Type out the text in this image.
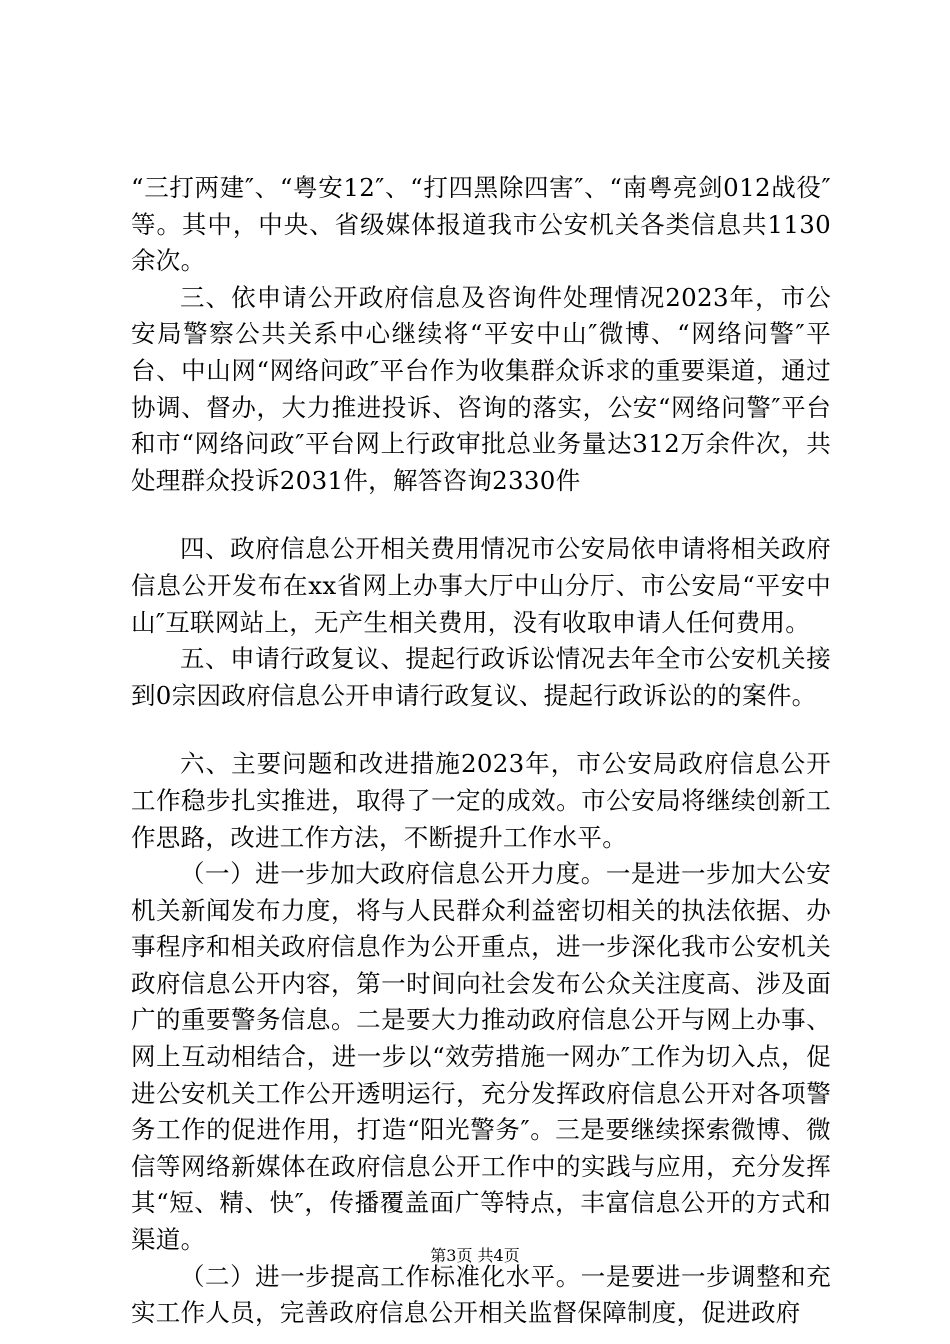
“三打两建″、“粤安12″、“打四黑除四害″、“南粤亮剑012战役″等。其中，中央、省级媒体报道我市公安机关各类信息共1130余次。

三、依申请公开政府信息及咨询件处理情况2023年，市公安局警察公共关系中心继续将“平安中山″微博、“网络问警″平台、中山网“网络问政″平台作为收集群众诉求的重要渠道，通过协调、督办，大力推进投诉、咨询的落实，公安“网络问警″平台和市“网络问政″平台网上行政审批总业务量达312万余件次，共处理群众投诉2031件，解答咨询2330件

四、政府信息公开相关费用情况市公安局依申请将相关政府信息公开发布在xx省网上办事大厅中山分厅、市公安局“平安中山″互联网站上，无产生相关费用，没有收取申请人任何费用。

五、申请行政复议、提起行政诉讼情况去年全市公安机关接到0宗因政府信息公开申请行政复议、提起行政诉讼的的案件。

六、主要问题和改进措施2023年，市公安局政府信息公开工作稳步扎实推进，取得了一定的成效。市公安局将继续创新工作思路，改进工作方法，不断提升工作水平。

（一）进一步加大政府信息公开力度。一是进一步加大公安机关新闻发布力度，将与人民群众利益密切相关的执法依据、办事程序和相关政府信息作为公开重点，进一步深化我市公安机关政府信息公开内容，第一时间向社会发布公众关注度高、涉及面广的重要警务信息。二是要大力推动政府信息公开与网上办事、网上互动相结合，进一步以“效劳措施一网办″工作为切入点，促进公安机关工作公开透明运行，充分发挥政府信息公开对各项警务工作的促进作用，打造“阳光警务″。三是要继续探索微博、微信等网络新媒体在政府信息公开工作中的实践与应用，充分发挥其“短、精、快″，传播覆盖面广等特点，丰富信息公开的方式和渠道。

（二）进一步提高工作标准化水平。一是要进一步调整和充实工作人员，完善政府信息公开相关监督保障制度，促进政府

第3页 共4页
